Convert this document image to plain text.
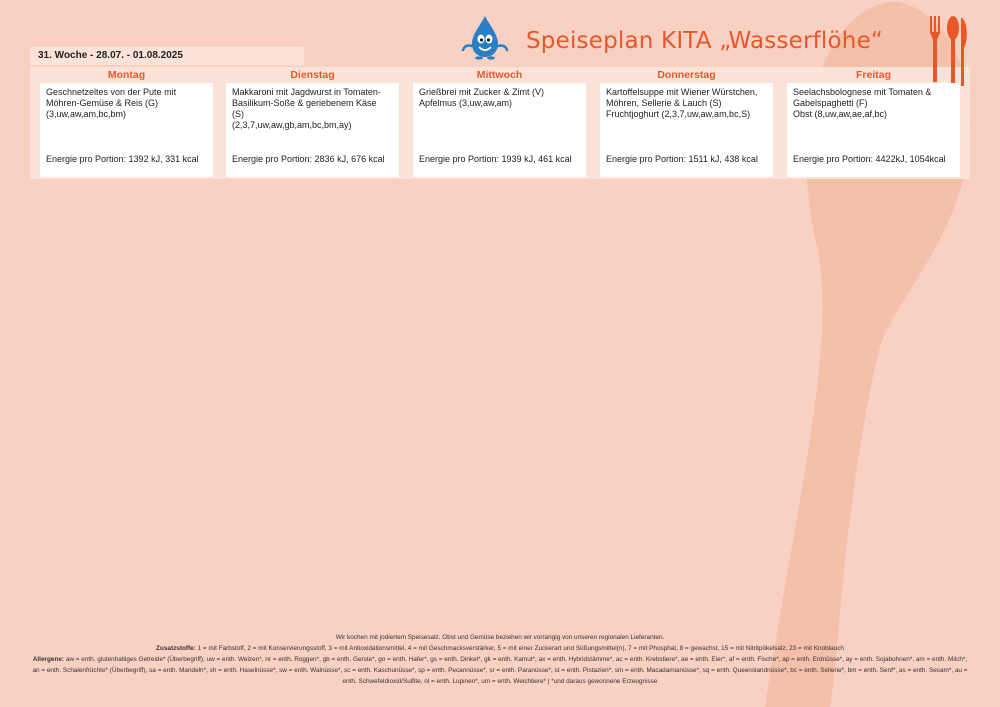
Speiseplan KITA „Wasserflöhe“
31. Woche - 28.07. - 01.08.2025
Montag
Geschnetzeltes von der Pute mit
Möhren-Gemüse & Reis (G)
(3,uw,aw,am,bc,bm)
Energie pro Portion: 1392 kJ, 331 kcal
Dienstag
Makkaroni mit Jagdwurst in Tomaten-
Basilikum-Soße & geriebenem Käse
(S)
(2,3,7,uw,aw,gb,am,bc,bm,ay)
Energie pro Portion: 2836 kJ, 676 kcal
Mittwoch
Grießbrei mit Zucker & Zimt (V)
Apfelmus (3,uw,aw,am)
Energie pro Portion: 1939 kJ, 461 kcal
Donnerstag
Kartoffelsuppe mit Wiener Würstchen,
Möhren, Sellerie & Lauch (S)
Fruchtjoghurt (2,3,7,uw,aw,am,bc,S)
Energie pro Portion: 1511 kJ, 438 kcal
Freitag
Seelachsbolognese mit Tomaten &
Gabelspaghetti (F)
Obst (8,uw,aw,ae,af,bc)
Energie pro Portion: 4422kJ, 1054kcal
Wir kochen mit jodiertem Speisesalz. Obst und Gemüse beziehen wir vorrangig von unseren regionalen Lieferanten.
Zusatzstoffe: 1 = mit Farbstoff, 2 = mit Konservierungsstoff, 3 = mit Antioxidationsmittel, 4 = mit Geschmacksverstärker, 5 = mit einer Zuckerart und Süßungsmittel(n), 7 = mit Phosphat, 8 = gewachst, 15 = mit Nitritpökelsalz, 23 = mit Knoblauch
Allergene: aw = enth. glutenhaltiges Getreide* (Überbegriff), uw = enth. Weizen*, nr = enth. Roggen*, gb = enth. Gerste*, go = enth. Hafer*, gs = enth. Dinkel*, gk = enth. Kamut*, ax = enth. Hybridstämme*, ac = enth. Krebstiere*, ae = enth. Eier*, af = enth. Fische*, ap = enth. Erdnüsse*, ay = enth. Sojabohnen*, am = enth. Milch*, an = enth. Schalenfrüchte* (Überbegriff), sa = enth. Mandeln*, sh = enth. Haselnüsse*, sw = enth. Walnüsse*, sc = enth. Kaschunüsse*, sp = enth. Pecannüsse*, sr = enth. Paranüsse*, st = enth. Pistazien*, sm = enth. Macadamianüsse*, sq = enth. Queenslandnüsse*, bc = enth. Sellerie*, bm = enth. Senf*, as = enth. Sesam*, au = enth. Schwefeldioxid/Sulfite, nl = enth. Lupinen*, um = enth. Weichtiere* | *und daraus gewonnene Erzeugnisse
